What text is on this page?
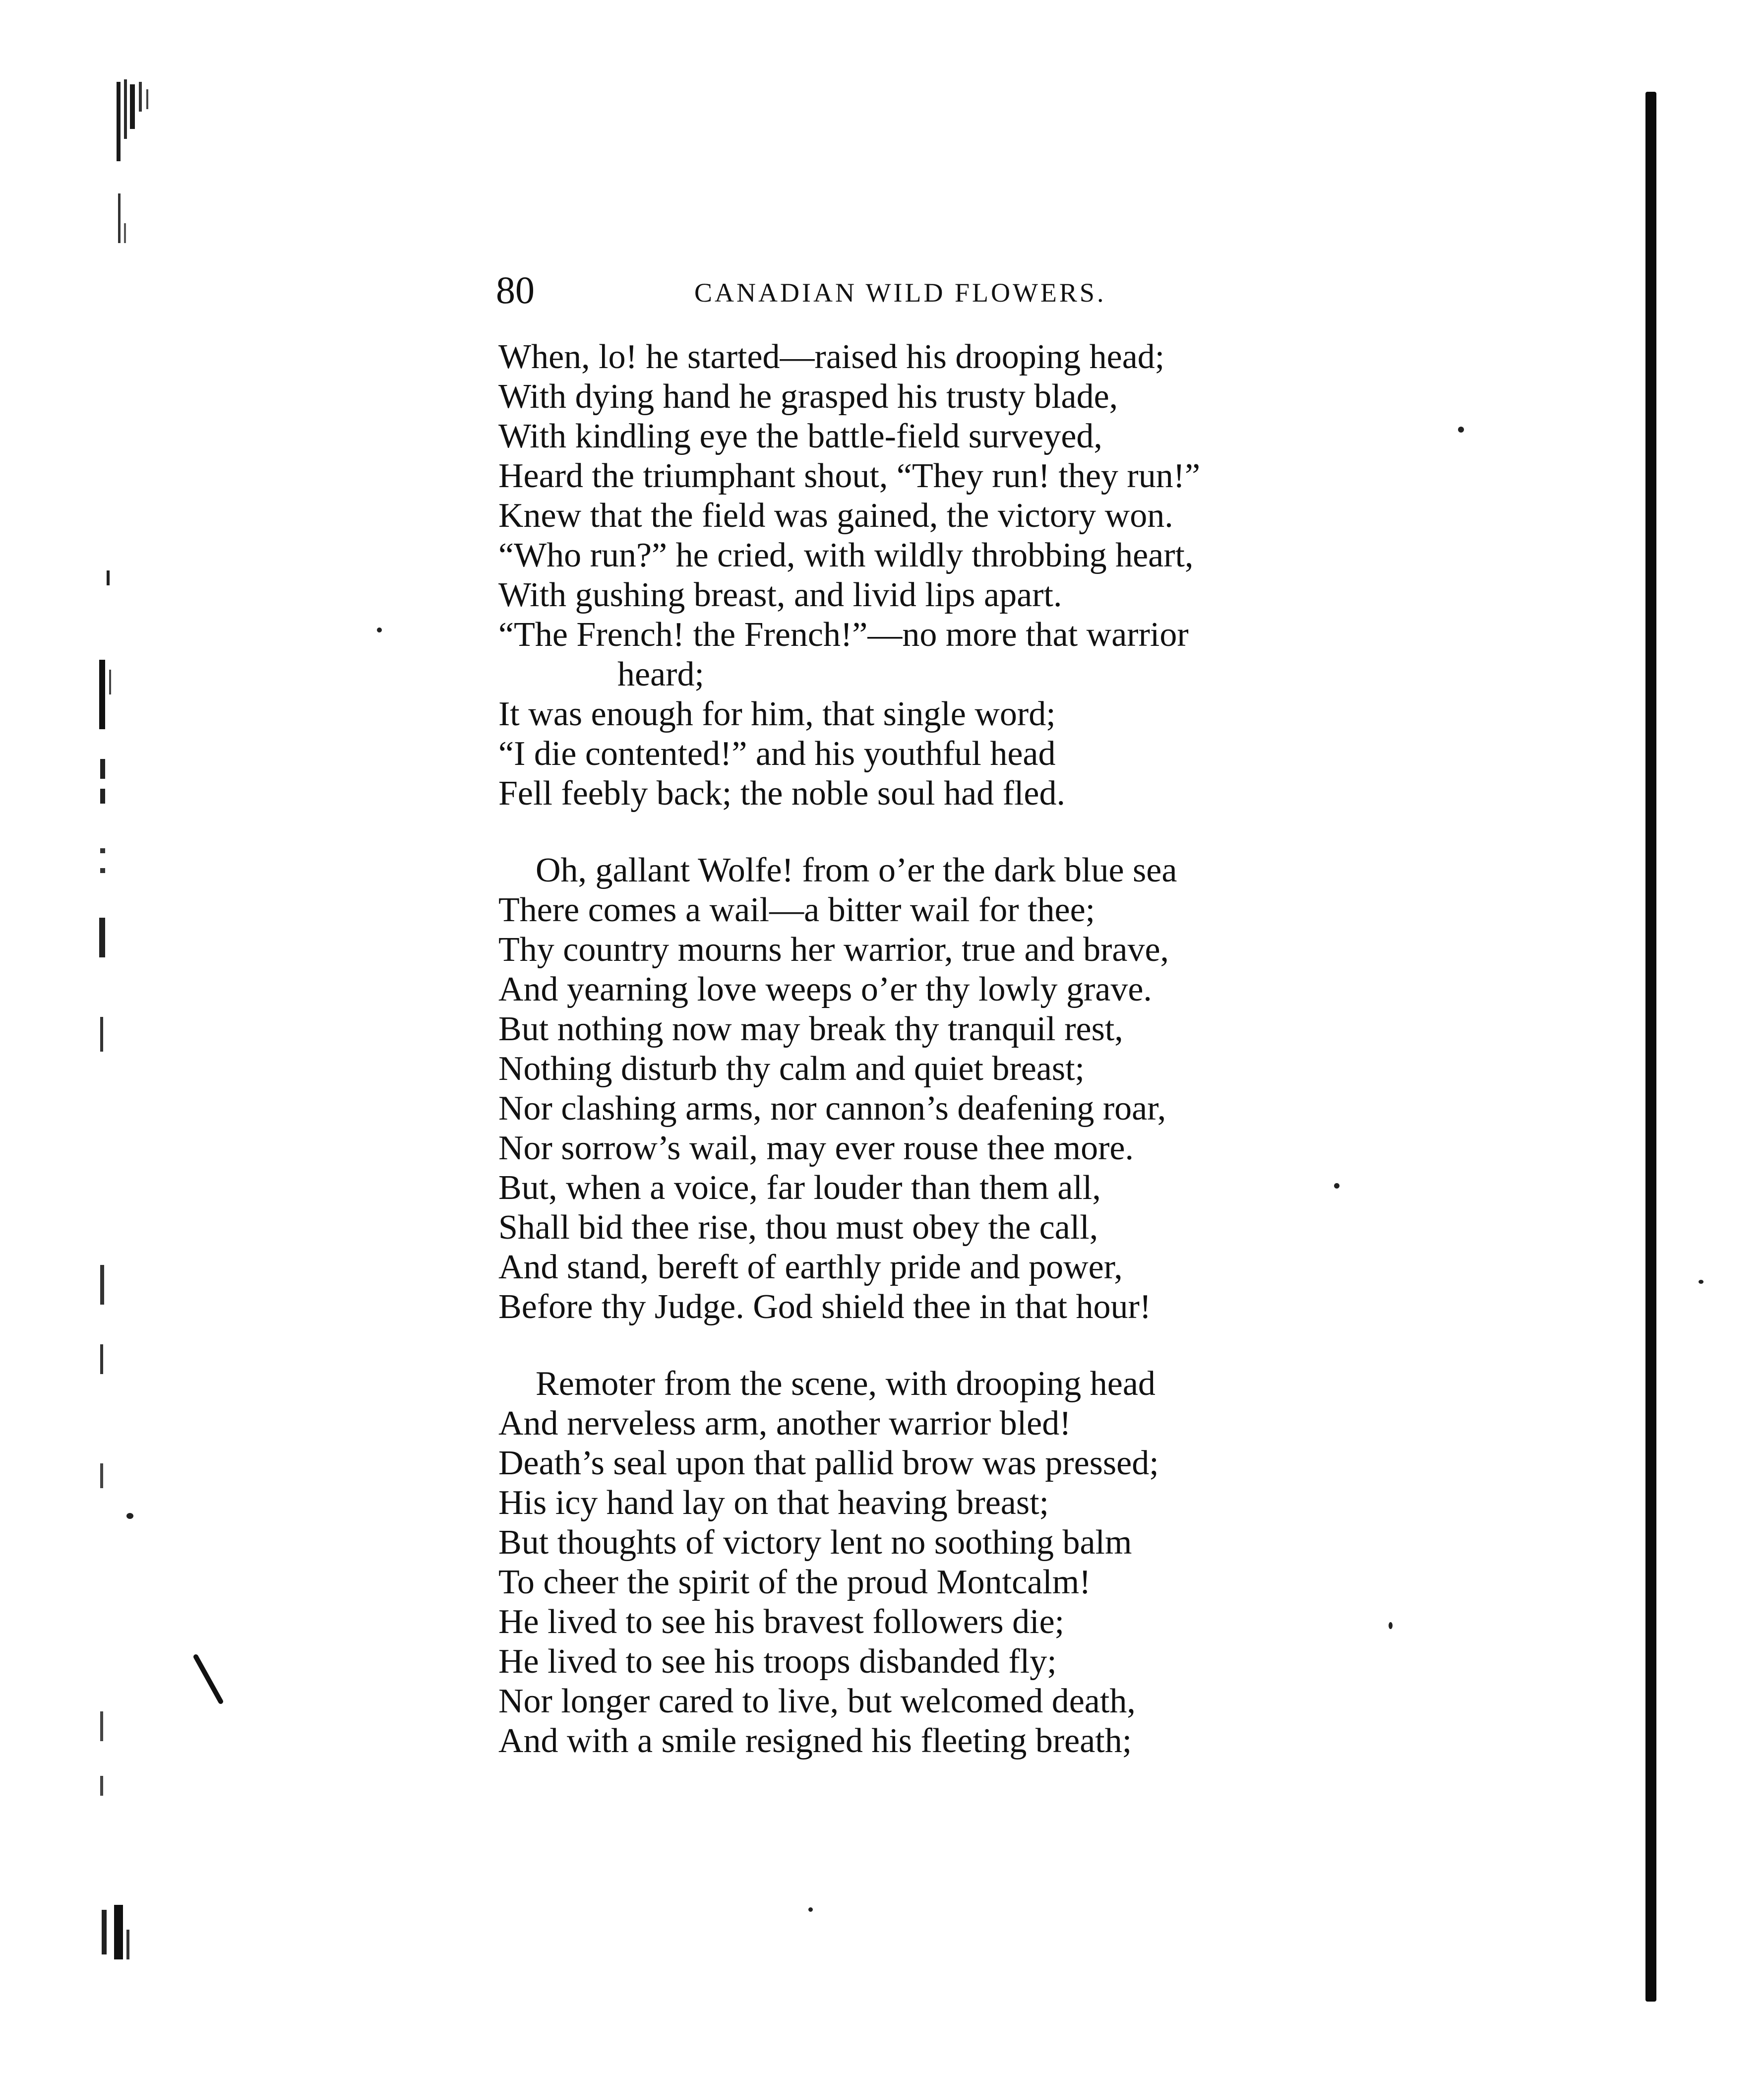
80	CANADIAN WILD FLOWERS.
When, lo! he started—raised his drooping head;
With dying hand he grasped his trusty blade,
With kindling eye the battle-field surveyed,
Heard the triumphant shout, “They run! they run!”
Knew that the field was gained, the victory won.
“Who run?” he cried, with wildly throbbing heart,
With gushing breast, and livid lips apart.
“The French! the French!”—no more that warrior
heard;
It was enough for him, that single word;
“I die contented!” and his youthful head
Fell feebly back; the noble soul had fled.
Oh, gallant Wolfe! from o’er the dark blue sea
There comes a wail—a bitter wail for thee;
Thy country mourns her warrior, true and brave,
And yearning love weeps o’er thy lowly grave.
But nothing now may break thy tranquil rest,
Nothing disturb thy calm and quiet breast;
Nor clashing arms, nor cannon’s deafening roar,
Nor sorrow’s wail, may ever rouse thee more.
But, when a voice, far louder than them all,
Shall bid thee rise, thou must obey the call,
And stand, bereft of earthly pride and power,
Before thy Judge. God shield thee in that hour!
Remoter from the scene, with drooping head
And nerveless arm, another warrior bled!
Death’s seal upon that pallid brow was pressed;
His icy hand lay on that heaving breast;
But thoughts of victory lent no soothing balm
To cheer the spirit of the proud Montcalm!
He lived to see his bravest followers die;
He lived to see his troops disbanded fly;
Nor longer cared to live, but welcomed death,
And with a smile resigned his fleeting breath;
